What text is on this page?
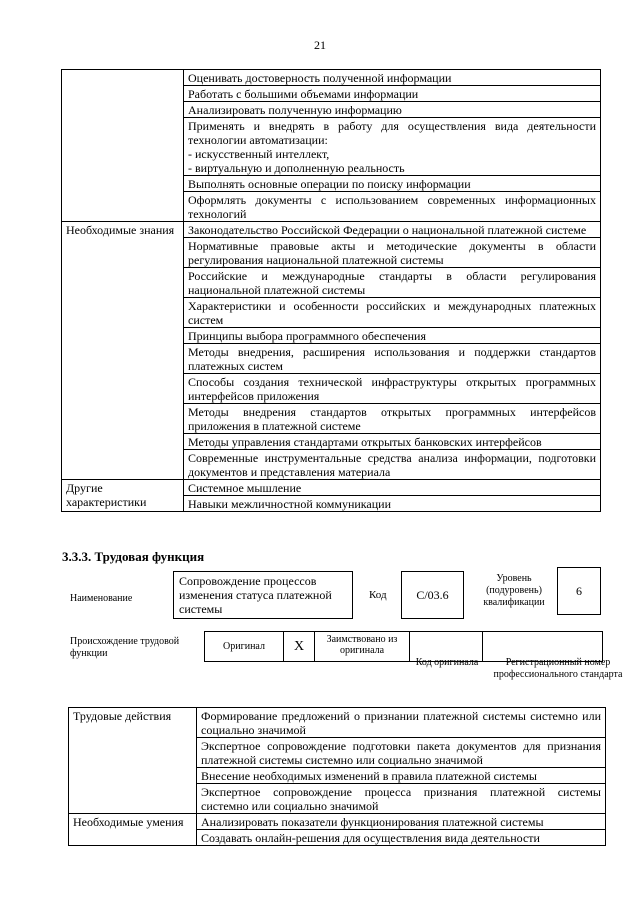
21
	Оценивать достоверность полученной информации
	Работать с большими объемами информации
	Анализировать полученную информацию
	Применять и внедрять в работу для осуществления вида деятельности технологии автоматизации:
- искусственный интеллект,
- виртуальную и дополненную реальность
	Выполнять основные операции по поиску информации
	Оформлять документы с использованием современных информационных технологий
Необходимые знания	Законодательство Российской Федерации о национальной платежной системе
	Нормативные правовые акты и методические документы в области регулирования национальной платежной системы
	Российские и международные стандарты в области регулирования национальной платежной системы
	Характеристики и особенности российских и международных платежных систем
	Принципы выбора программного обеспечения
	Методы внедрения, расширения использования и поддержки стандартов платежных систем
	Способы создания технической инфраструктуры открытых программных интерфейсов приложения
	Методы внедрения стандартов открытых программных интерфейсов приложения в платежной системе
	Методы управления стандартами открытых банковских интерфейсов
	Современные инструментальные средства анализа информации, подготовки документов и представления материала
Другие характеристики	Системное мышление
	Навыки межличностной коммуникации
3.3.3. Трудовая функция
Наименование
Сопровождение процессов изменения статуса платежной системы
Код	C/03.6
Уровень (подуровень) квалификации
6
Происхождение трудовой функции
Оригинал	X	Заимствовано из оригинала
Код оригинала	Регистрационный номер профессионального стандарта
Трудовые действия	Формирование предложений о признании платежной системы системно или социально значимой
	Экспертное сопровождение подготовки пакета документов для признания платежной системы системно или социально значимой
	Внесение необходимых изменений в правила платежной системы
	Экспертное сопровождение процесса признания платежной системы системно или социально значимой
Необходимые умения	Анализировать показатели функционирования платежной системы
	Создавать онлайн-решения для осуществления вида деятельности
